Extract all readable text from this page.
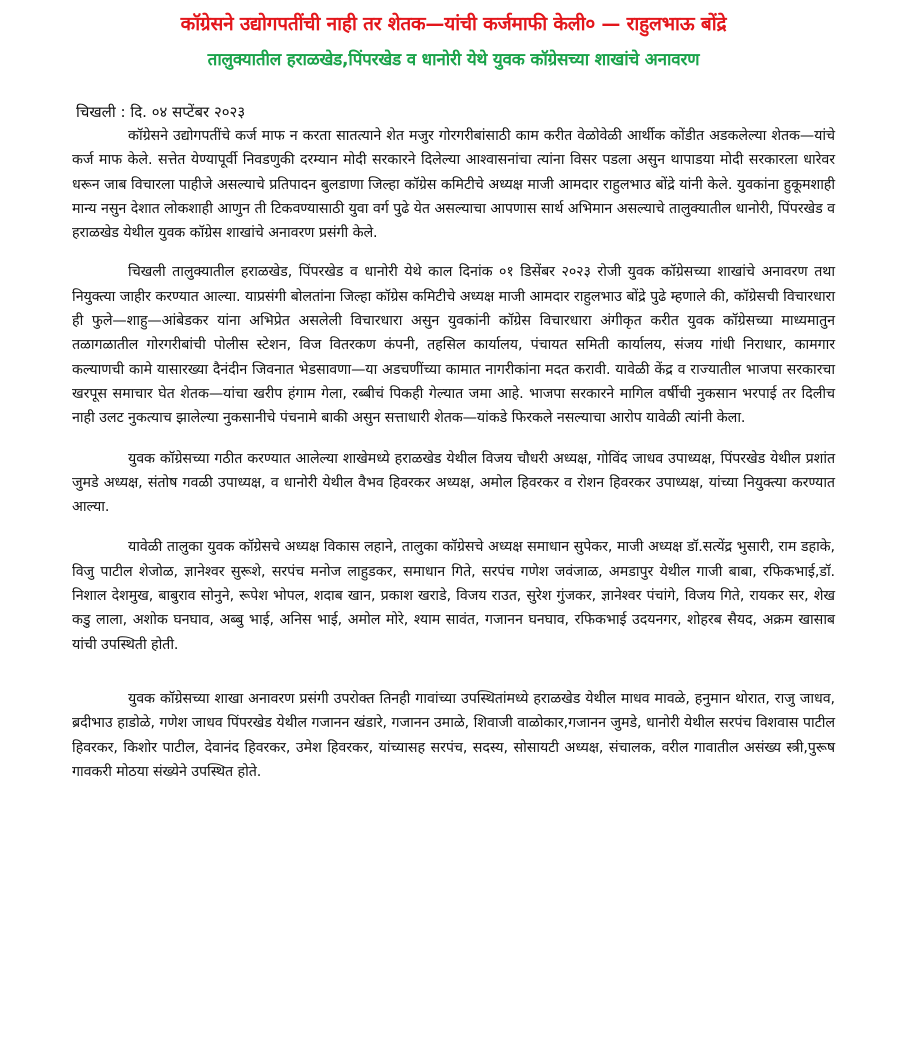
कॉग्रेसने उद्योगपतींची नाही तर शेतक—यांची कर्जमाफी केली० — राहुलभाऊ बोंद्रे
तालुक्यातील हराळखेड,पिंपरखेड व धानोरी येथे युवक कॉग्रेसच्या शाखांचे अनावरण
चिखली : दि. ०४ सप्टेंबर २०२३

कॉग्रेसने उद्योगपतींचे कर्ज माफ न करता सातत्याने शेत मजुर गोरगरीबांसाठी काम करीत वेळोवेळी आर्थीक कोंडीत अडकलेल्या शेतक—यांचे कर्ज माफ केले. सत्तेत येण्यापूर्वी निवडणुकी दरम्यान मोदी सरकारने दिलेल्या आश्वासनांचा त्यांना विसर पडला असुन थापाडया मोदी सरकारला धारेवर धरून जाब विचारला पाहीजे असल्याचे प्रतिपादन बुलडाणा जिल्हा कॉग्रेस कमिटीचे अध्यक्ष माजी आमदार राहुलभाउ बोंद्रे यांनी केले. युवकांना हुकूमशाही मान्य नसुन देशात लोकशाही आणुन ती टिकवण्यासाठी युवा वर्ग पुढे येत असल्याचा आपणास सार्थ अभिमान असल्याचे तालुक्यातील धानोरी, पिंपरखेड व हराळखेड येथील युवक कॉग्रेस शाखांचे अनावरण प्रसंगी केले.

चिखली तालुक्यातील हराळखेड, पिंपरखेड व धानोरी येथे काल दिनांक ०१ डिसेंबर २०२३ रोजी युवक कॉग्रेसच्या शाखांचे अनावरण तथा नियुक्त्या जाहीर करण्यात आल्या. याप्रसंगी बोलतांना जिल्हा कॉग्रेस कमिटीचे अध्यक्ष माजी आमदार राहुलभाउ बोंद्रे पुढे म्हणाले की, कॉग्रेसची विचारधारा ही फुले—शाहु—आंबेडकर यांना अभिप्रेत असलेली विचारधारा असुन युवकांनी कॉग्रेस विचारधारा अंगीकृत करीत युवक कॉग्रेसच्या माध्यमातुन तळागळातील गोरगरीबांची पोलीस स्टेशन, विज वितरकण कंपनी, तहसिल कार्यालय, पंचायत समिती कार्यालय, संजय गांधी निराधार, कामगार कल्याणची कामे यासारख्या दैनंदीन जिवनात भेडसावणा—या अडचणींच्या कामात नागरीकांना मदत करावी. यावेळी केंद्र व राज्यातील भाजपा सरकारचा खरपूस समाचार घेत शेतक—यांचा खरीप हंगाम गेला, रब्बीचं पिकही गेल्यात जमा आहे. भाजपा सरकारने मागिल वर्षीची नुकसान भरपाई तर दिलीच नाही उलट नुकत्याच झालेल्या नुकसानीचे पंचनामे बाकी असुन सत्ताधारी शेतक—यांकडे फिरकले नसल्याचा आरोप यावेळी त्यांनी केला.

युवक कॉग्रेसच्या गठीत करण्यात आलेल्या शाखेमध्ये हराळखेड येथील विजय चौधरी अध्यक्ष, गोविंद जाधव उपाध्यक्ष, पिंपरखेड येथील प्रशांत जुमडे अध्यक्ष, संतोष गवळी उपाध्यक्ष, व धानोरी येथील वैभव हिवरकर अध्यक्ष, अमोल हिवरकर व रोशन हिवरकर उपाध्यक्ष, यांच्या नियुक्त्या करण्यात आल्या.

यावेळी तालुका युवक कॉग्रेसचे अध्यक्ष विकास लहाने, तालुका कॉग्रेसचे अध्यक्ष समाधान सुपेकर, माजी अध्यक्ष डॉ.सत्येंद्र भुसारी, राम डहाके, विजु पाटील शेजोळ, ज्ञानेश्वर सुरूशे, सरपंच मनोज लाहुडकर, समाधान गिते, सरपंच गणेश जवंजाळ, अमडापुर येथील गाजी बाबा, रफिकभाई,डॉ. निशाल देशमुख, बाबुराव सोनुने, रूपेश भोपल, शदाब खान, प्रकाश खराडे, विजय राउत, सुरेश गुंजकर, ज्ञानेश्वर पंचांगे, विजय गिते, रायकर सर, शेख कडु लाला, अशोक घनघाव, अब्बु भाई, अनिस भाई, अमोल मोरे, श्याम सावंत, गजानन घनघाव, रफिकभाई उदयनगर, शोहरब सैयद, अक्रम खासाब यांची उपस्थिती होती.

युवक कॉग्रेसच्या शाखा अनावरण प्रसंगी उपरोक्त तिनही गावांच्या उपस्थितांमध्ये हराळखेड येथील माधव मावळे, हनुमान थोरात, राजु जाधव, ब्रदीभाउ हाडोळे, गणेश जाधव पिंपरखेड येथील गजानन खंडारे, गजानन उमाळे, शिवाजी वाळोकार,गजानन जुमडे, धानोरी येथील सरपंच विशवास पाटील हिवरकर, किशोर पाटील, देवानंद हिवरकर, उमेश हिवरकर, यांच्यासह सरपंच, सदस्य, सोसायटी अध्यक्ष, संचालक, वरील गावातील असंख्य स्त्री,पुरूष गावकरी मोठया संख्येने उपस्थित होते.
